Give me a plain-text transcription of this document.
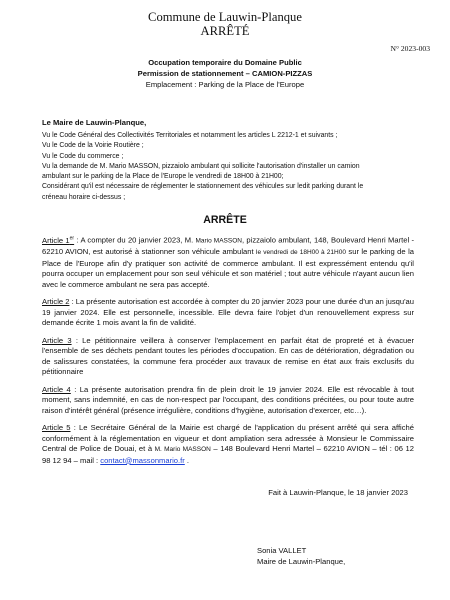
Commune de Lauwin-Planque
ARRÊTÉ
N° 2023-003
Occupation temporaire du Domaine Public
Permission de stationnement – CAMION-PIZZAS
Emplacement : Parking de la Place de l'Europe
Le Maire de Lauwin-Planque,
Vu le Code Général des Collectivités Territoriales et notamment les articles L 2212-1 et suivants ;
Vu le Code de la Voirie Routière ;
Vu le Code du commerce ;
Vu la demande de M. Mario MASSON, pizzaiolo ambulant qui sollicite l'autorisation d'installer un camion
ambulant sur le parking de la Place de l'Europe le vendredi de 18H00 à 21H00;
Considérant qu'il est nécessaire de réglementer le stationnement des véhicules sur ledit parking durant le
créneau horaire ci-dessus ;
ARRÊTE
Article 1er : A compter du 20 janvier 2023, M. Mario MASSON, pizzaiolo ambulant, 148, Boulevard Henri Martel - 62210 AVION, est autorisé à stationner son véhicule ambulant le vendredi de 18H00 à 21H00 sur le parking de la Place de l'Europe afin d'y pratiquer son activité de commerce ambulant. Il est expressément entendu qu'il pourra occuper un emplacement pour son seul véhicule et son matériel ; tout autre véhicule n'ayant aucun lien avec le commerce ambulant ne sera pas accepté.
Article 2 : La présente autorisation est accordée à compter du 20 janvier 2023 pour une durée d'un an jusqu'au 19 janvier 2024. Elle est personnelle, incessible. Elle devra faire l'objet d'un renouvellement express sur demande écrite 1 mois avant la fin de validité.
Article 3 : Le pétitionnaire veillera à conserver l'emplacement en parfait état de propreté et à évacuer l'ensemble de ses déchets pendant toutes les périodes d'occupation. En cas de détérioration, dégradation ou de salissures constatées, la commune fera procéder aux travaux de remise en état aux frais exclusifs du pétitionnaire
Article 4 : La présente autorisation prendra fin de plein droit le 19 janvier 2024. Elle est révocable à tout moment, sans indemnité, en cas de non-respect par l'occupant, des conditions précitées, ou pour toute autre raison d'intérêt général (présence irrégulière, conditions d'hygiène, autorisation d'exercer, etc…).
Article 5 : Le Secrétaire Général de la Mairie est chargé de l'application du présent arrêté qui sera affiché conformément à la réglementation en vigueur et dont ampliation sera adressée à Monsieur le Commissaire Central de Police de Douai, et à M. Mario MASSON – 148 Boulevard Henri Martel – 62210 AVION – tél : 06 12 98 12 94 – mail : contact@massonmario.fr .
Fait à Lauwin-Planque, le 18 janvier 2023
Sonia VALLET
Maire de Lauwin-Planque,
